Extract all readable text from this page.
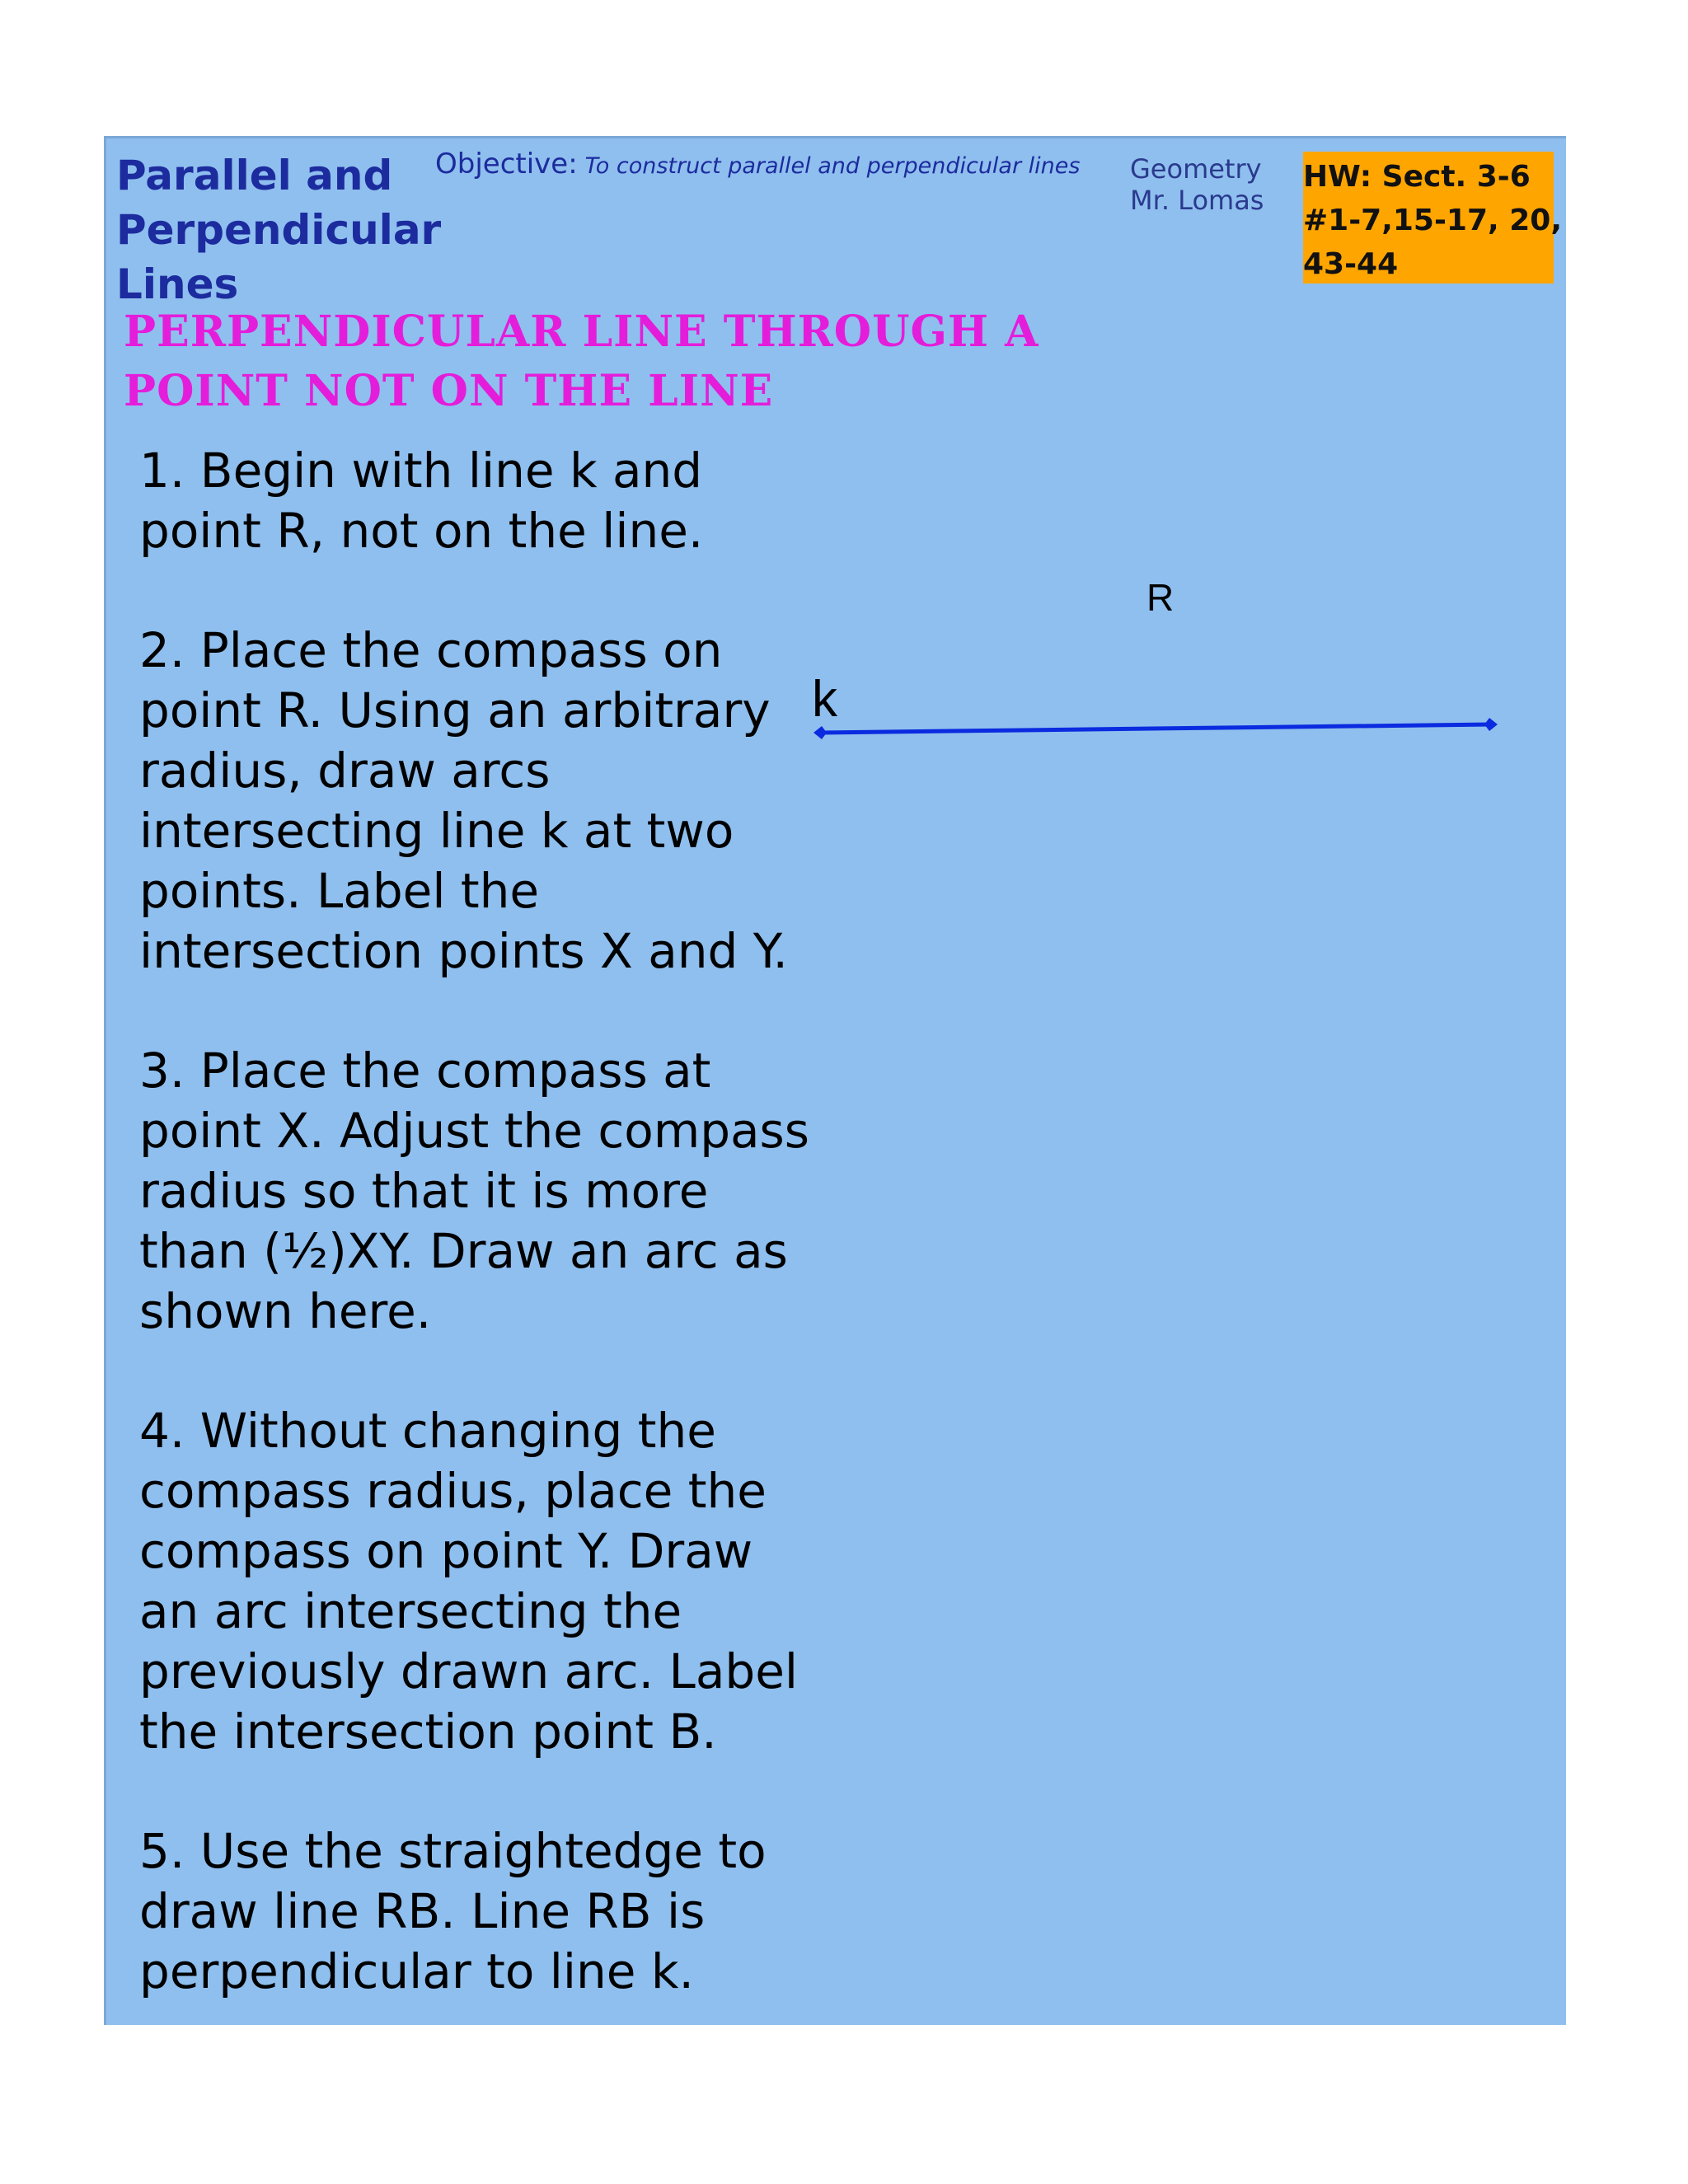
Parallel and
Perpendicular
Lines
Objective: To construct parallel and perpendicular lines Geometry
Mr. Lomas
HW: Sect. 3-6
#1-7,15-17, 20,
43-44
PERPENDICULAR LINE THROUGH A
POINT NOT ON THE LINE

1. Begin with line k and
point R, not on the line.

2. Place the compass on
point R. Using an arbitrary
radius, draw arcs
intersecting line k at two
points. Label the
intersection points X and Y.

3. Place the compass at
point X. Adjust the compass
radius so that it is more
than (½)XY. Draw an arc as
shown here.

4. Without changing the
compass radius, place the
compass on point Y. Draw
an arc intersecting the
previously drawn arc. Label
the intersection point B.

5. Use the straightedge to
draw line RB. Line RB is
perpendicular to line k.

R
k
